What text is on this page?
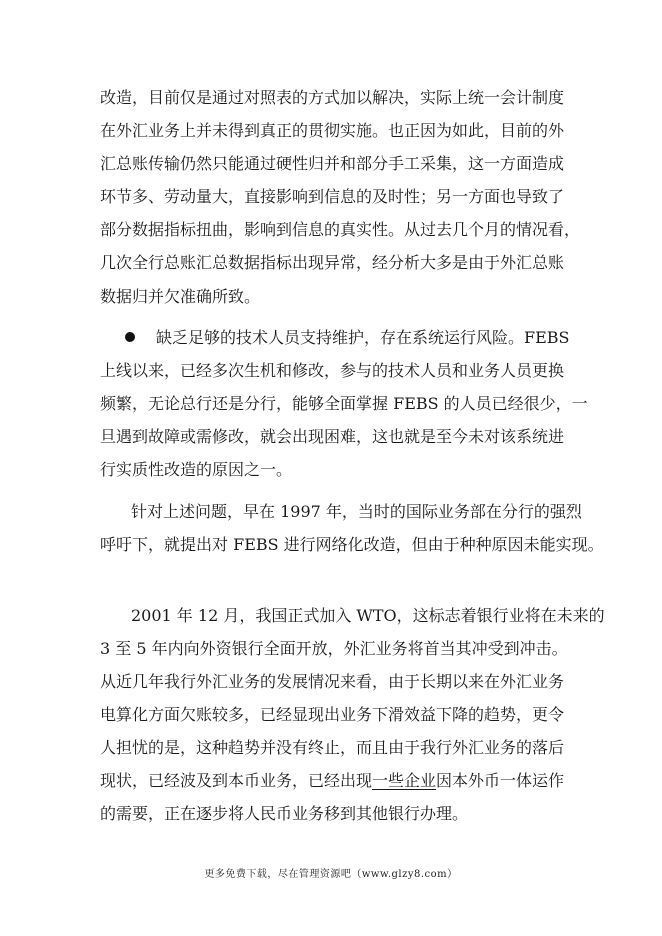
改造，目前仅是通过对照表的方式加以解决，实际上统一会计制度
在外汇业务上并未得到真正的贯彻实施。也正因为如此，目前的外
汇总账传输仍然只能通过硬性归并和部分手工采集，这一方面造成
环节多、劳动量大，直接影响到信息的及时性；另一方面也导致了
部分数据指标扭曲，影响到信息的真实性。从过去几个月的情况看，
几次全行总账汇总数据指标出现异常，经分析大多是由于外汇总账
数据归并欠准确所致。
缺乏足够的技术人员支持维护，存在系统运行风险。FEBS
上线以来，已经多次生机和修改，参与的技术人员和业务人员更换
频繁，无论总行还是分行，能够全面掌握 FEBS 的人员已经很少，一
旦遇到故障或需修改，就会出现困难，这也就是至今未对该系统进
行实质性改造的原因之一。
针对上述问题，早在 1997 年，当时的国际业务部在分行的强烈
呼吁下，就提出对 FEBS 进行网络化改造，但由于种种原因未能实现。
2001 年 12 月，我国正式加入 WTO，这标志着银行业将在未来的
3 至 5 年内向外资银行全面开放，外汇业务将首当其冲受到冲击。
从近几年我行外汇业务的发展情况来看，由于长期以来在外汇业务
电算化方面欠账较多，已经显现出业务下滑效益下降的趋势，更令
人担忧的是，这种趋势并没有终止，而且由于我行外汇业务的落后
现状，已经波及到本币业务，已经出现一些企业因本外币一体运作
的需要，正在逐步将人民币业务移到其他银行办理。
更多免费下载，尽在管理资源吧（www.glzy8.com）
